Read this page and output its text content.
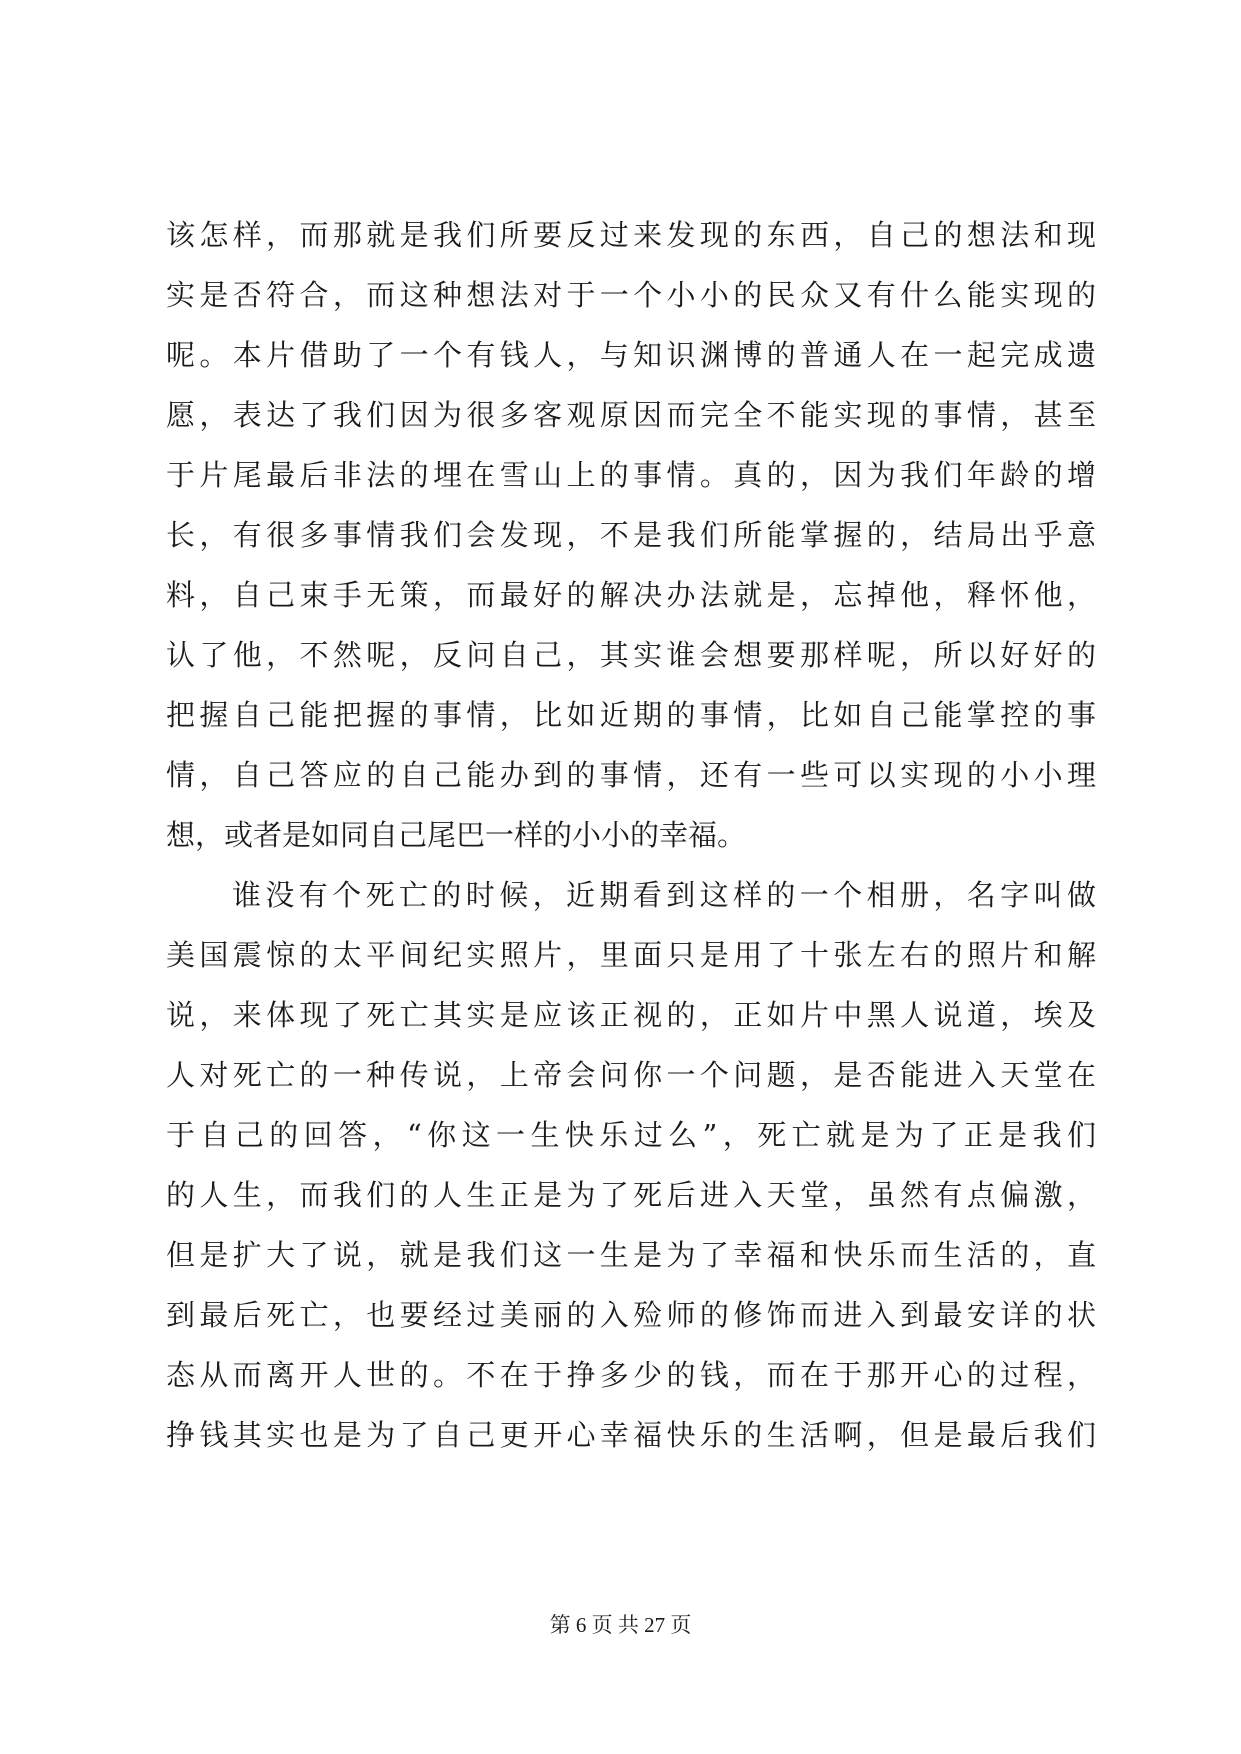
该怎样，而那就是我们所要反过来发现的东西，自己的想法和现
实是否符合，而这种想法对于一个小小的民众又有什么能实现的
呢。本片借助了一个有钱人，与知识渊博的普通人在一起完成遗
愿，表达了我们因为很多客观原因而完全不能实现的事情，甚至
于片尾最后非法的埋在雪山上的事情。真的，因为我们年龄的增
长，有很多事情我们会发现，不是我们所能掌握的，结局出乎意
料，自己束手无策，而最好的解决办法就是，忘掉他，释怀他，
认了他，不然呢，反问自己，其实谁会想要那样呢，所以好好的
把握自己能把握的事情，比如近期的事情，比如自己能掌控的事
情，自己答应的自己能办到的事情，还有一些可以实现的小小理
想，或者是如同自己尾巴一样的小小的幸福。
谁没有个死亡的时候，近期看到这样的一个相册，名字叫做
美国震惊的太平间纪实照片，里面只是用了十张左右的照片和解
说，来体现了死亡其实是应该正视的，正如片中黑人说道，埃及
人对死亡的一种传说，上帝会问你一个问题，是否能进入天堂在
于自己的回答，“你这一生快乐过么”，死亡就是为了正是我们
的人生，而我们的人生正是为了死后进入天堂，虽然有点偏激，
但是扩大了说，就是我们这一生是为了幸福和快乐而生活的，直
到最后死亡，也要经过美丽的入殓师的修饰而进入到最安详的状
态从而离开人世的。不在于挣多少的钱，而在于那开心的过程，
挣钱其实也是为了自己更开心幸福快乐的生活啊，但是最后我们
第 6 页 共 27 页
